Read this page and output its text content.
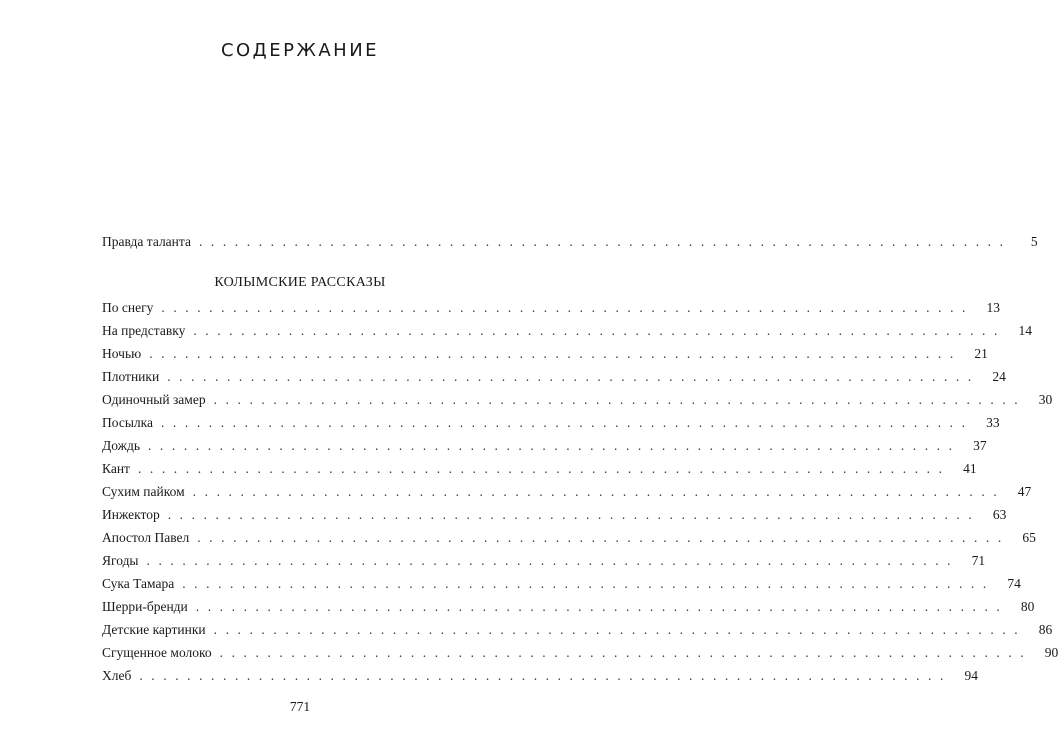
СОДЕРЖАНИЕ
Правда таланта . . . . . . . . . . . . . . . . . . . . . . . . . . . . . . . . . . . . . . . . . . . . . . . . . . . . . . . . . . . . . . . . . . . .	5
КОЛЫМСКИЕ РАССКАЗЫ
По снегу . . . . . . . . . . . . . . . . . . . . . . . . . . . . . . . . . . . . . . . . . . . . . . . . . . . . . . . . . . . . . . . . . . . .	13
На представку . . . . . . . . . . . . . . . . . . . . . . . . . . . . . . . . . . . . . . . . . . . . . . . . . . . . . . . . . . . . . . . . . . . .	14
Ночью . . . . . . . . . . . . . . . . . . . . . . . . . . . . . . . . . . . . . . . . . . . . . . . . . . . . . . . . . . . . . . . . . . . .	21
Плотники . . . . . . . . . . . . . . . . . . . . . . . . . . . . . . . . . . . . . . . . . . . . . . . . . . . . . . . . . . . . . . . . . . . .	24
Одиночный замер . . . . . . . . . . . . . . . . . . . . . . . . . . . . . . . . . . . . . . . . . . . . . . . . . . . . . . . . . . . . . . . . . . . .	30
Посылка . . . . . . . . . . . . . . . . . . . . . . . . . . . . . . . . . . . . . . . . . . . . . . . . . . . . . . . . . . . . . . . . . . . .	33
Дождь . . . . . . . . . . . . . . . . . . . . . . . . . . . . . . . . . . . . . . . . . . . . . . . . . . . . . . . . . . . . . . . . . . . .	37
Кант . . . . . . . . . . . . . . . . . . . . . . . . . . . . . . . . . . . . . . . . . . . . . . . . . . . . . . . . . . . . . . . . . . . .	41
Сухим пайком . . . . . . . . . . . . . . . . . . . . . . . . . . . . . . . . . . . . . . . . . . . . . . . . . . . . . . . . . . . . . . . . . . . .	47
Инжектор . . . . . . . . . . . . . . . . . . . . . . . . . . . . . . . . . . . . . . . . . . . . . . . . . . . . . . . . . . . . . . . . . . . .	63
Апостол Павел . . . . . . . . . . . . . . . . . . . . . . . . . . . . . . . . . . . . . . . . . . . . . . . . . . . . . . . . . . . . . . . . . . . .	65
Ягоды . . . . . . . . . . . . . . . . . . . . . . . . . . . . . . . . . . . . . . . . . . . . . . . . . . . . . . . . . . . . . . . . . . . .	71
Сука Тамара . . . . . . . . . . . . . . . . . . . . . . . . . . . . . . . . . . . . . . . . . . . . . . . . . . . . . . . . . . . . . . . . . . . .	74
Шерри-бренди . . . . . . . . . . . . . . . . . . . . . . . . . . . . . . . . . . . . . . . . . . . . . . . . . . . . . . . . . . . . . . . . . . . .	80
Детские картинки . . . . . . . . . . . . . . . . . . . . . . . . . . . . . . . . . . . . . . . . . . . . . . . . . . . . . . . . . . . . . . . . . . . .	86
Сгущенное молоко . . . . . . . . . . . . . . . . . . . . . . . . . . . . . . . . . . . . . . . . . . . . . . . . . . . . . . . . . . . . . . . . . . . .	90
Хлеб . . . . . . . . . . . . . . . . . . . . . . . . . . . . . . . . . . . . . . . . . . . . . . . . . . . . . . . . . . . . . . . . . . . .	94
771
